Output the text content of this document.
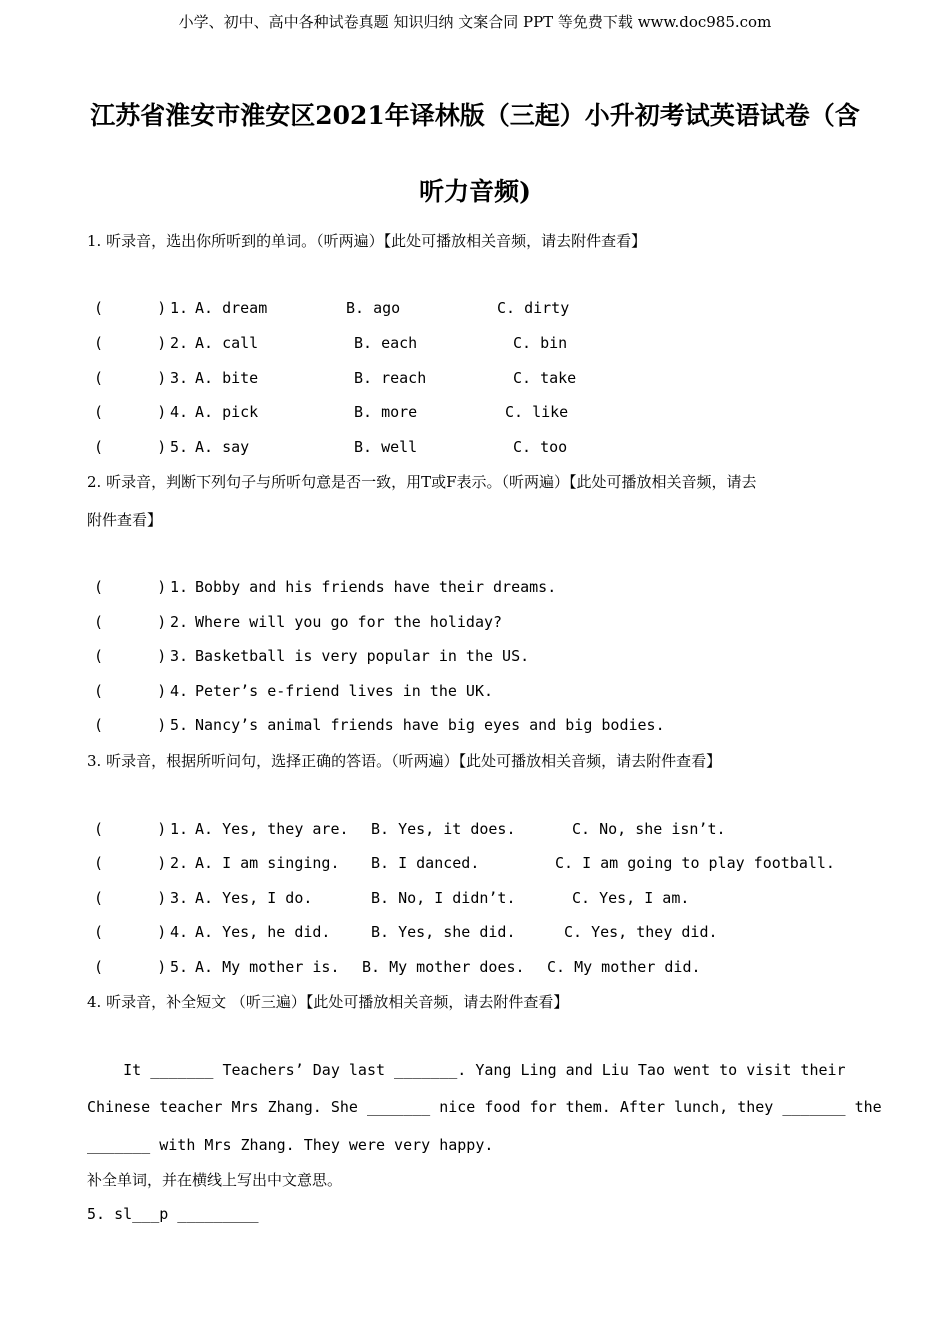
小学、初中、高中各种试卷真题 知识归纳 文案合同 PPT 等免费下载 www.doc985.com
江苏省淮安市淮安区2021年译林版（三起）小升初考试英语试卷（含
听力音频)
1. 听录音，选出你所听到的单词。（听两遍）【此处可播放相关音频，请去附件查看】
(      ) 1. A. dream	B. ago	C. dirty
(      ) 2. A. call	B. each	C. bin
(      ) 3. A. bite	B. reach	C. take
(      ) 4. A. pick	B. more	C. like
(      ) 5. A. say	B. well	C. too
2. 听录音，判断下列句子与所听句意是否一致，用T或F表示。（听两遍）【此处可播放相关音频，请去
附件查看】
(      ) 1. Bobby and his friends have their dreams.
(      ) 2. Where will you go for the holiday?
(      ) 3. Basketball is very popular in the US.
(      ) 4. Peter’s e-friend lives in the UK.
(      ) 5. Nancy’s animal friends have big eyes and big bodies.
3. 听录音，根据所听问句，选择正确的答语。（听两遍）【此处可播放相关音频，请去附件查看】
(      ) 1. A. Yes, they are. B. Yes, it does.	C. No, she isn’t.
(      ) 2. A. I am singing. B. I danced.	C. I am going to play football.
(      ) 3. A. Yes, I do.	B. No, I didn’t.	C. Yes, I am.
(      ) 4. A. Yes, he did.	B. Yes, she did.	C. Yes, they did.
(      ) 5. A. My mother is. B. My mother does. C. My mother did.
4. 听录音，补全短文 （听三遍）【此处可播放相关音频，请去附件查看】
It _______ Teachers’ Day last _______. Yang Ling and Liu Tao went to visit their
Chinese teacher Mrs Zhang. She _______ nice food for them. After lunch, they _______ the
_______ with Mrs Zhang. They were very happy.
补全单词，并在横线上写出中文意思。
5. sl___p _________
